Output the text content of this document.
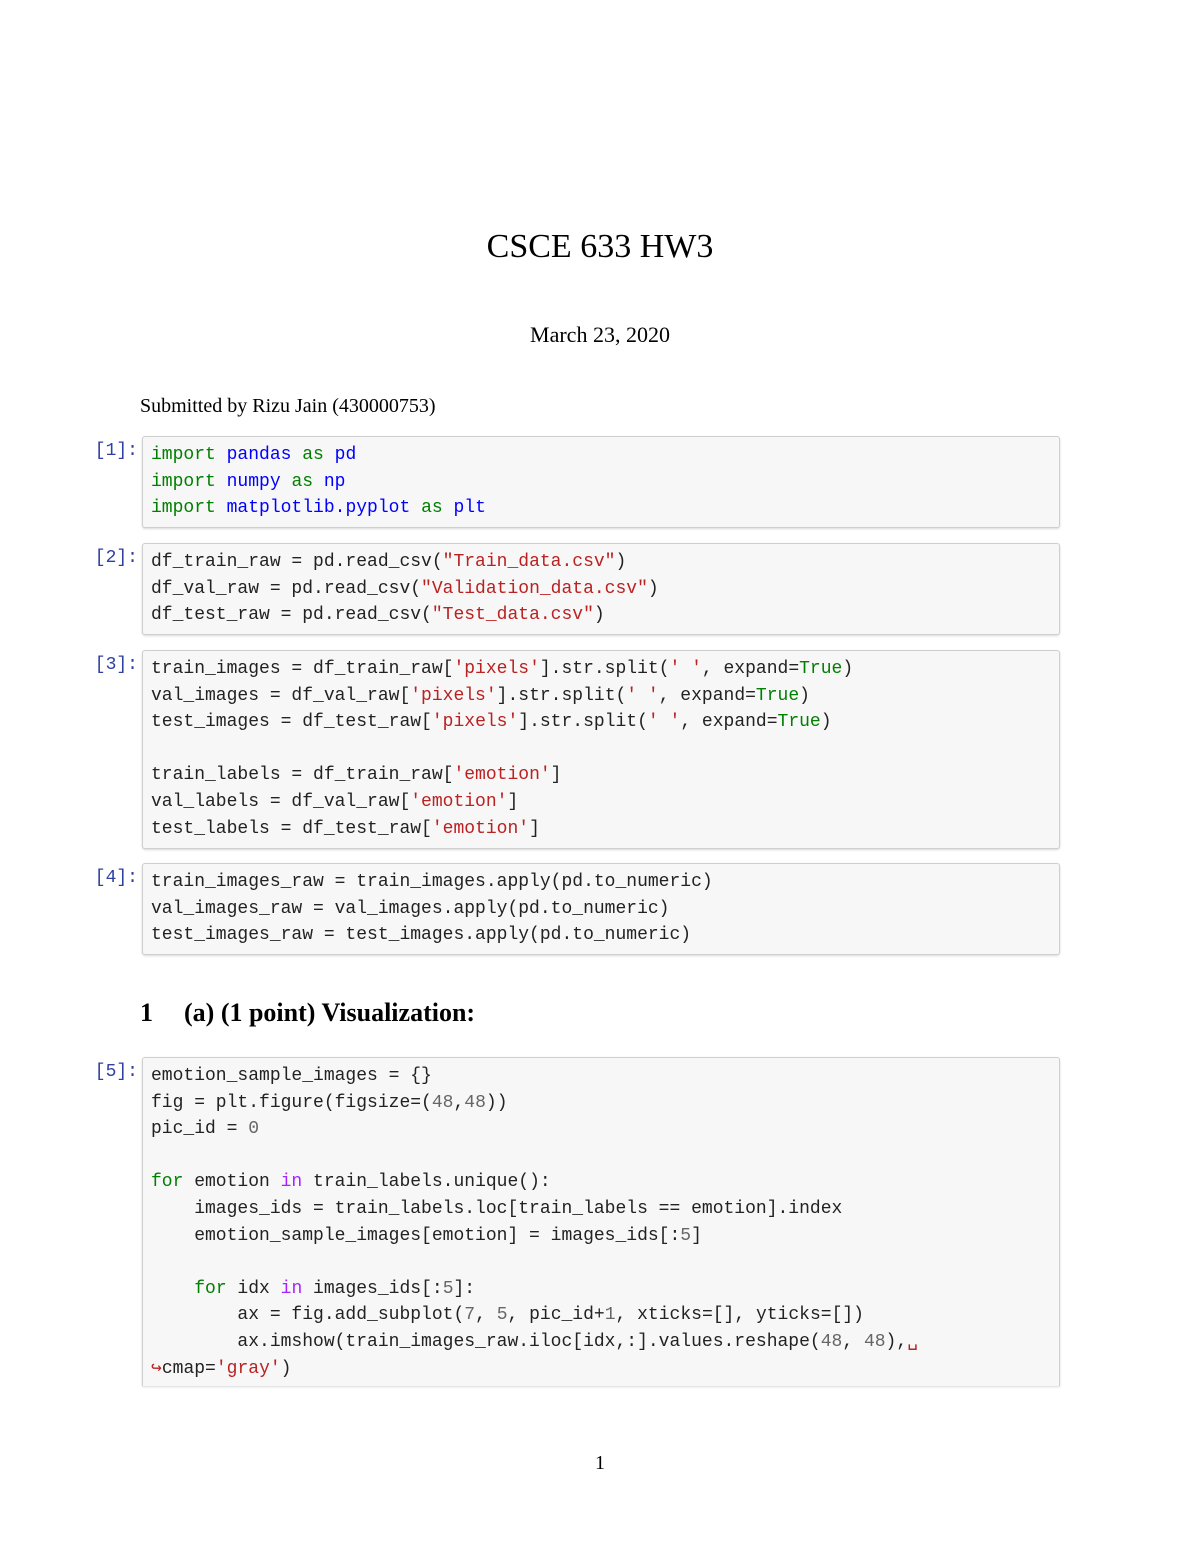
CSCE 633 HW3
March 23, 2020
Submitted by Rizu Jain (430000753)
[1]: import pandas as pd
import numpy as np
import matplotlib.pyplot as plt
[2]: df_train_raw = pd.read_csv("Train_data.csv")
df_val_raw = pd.read_csv("Validation_data.csv")
df_test_raw = pd.read_csv("Test_data.csv")
[3]: train_images = df_train_raw['pixels'].str.split(' ', expand=True)
val_images = df_val_raw['pixels'].str.split(' ', expand=True)
test_images = df_test_raw['pixels'].str.split(' ', expand=True)

train_labels = df_train_raw['emotion']
val_labels = df_val_raw['emotion']
test_labels = df_test_raw['emotion']
[4]: train_images_raw = train_images.apply(pd.to_numeric)
val_images_raw = val_images.apply(pd.to_numeric)
test_images_raw = test_images.apply(pd.to_numeric)
1 (a) (1 point) Visualization:
[5]: emotion_sample_images = {}
fig = plt.figure(figsize=(48,48))
pic_id = 0

for emotion in train_labels.unique():
images_ids = train_labels.loc[train_labels == emotion].index
emotion_sample_images[emotion] = images_ids[:5]

for idx in images_ids[:5]:
ax = fig.add_subplot(7, 5, pic_id+1, xticks=[], yticks=[])
ax.imshow(train_images_raw.iloc[idx,:].values.reshape(48, 48),␣
↪cmap='gray')
1
